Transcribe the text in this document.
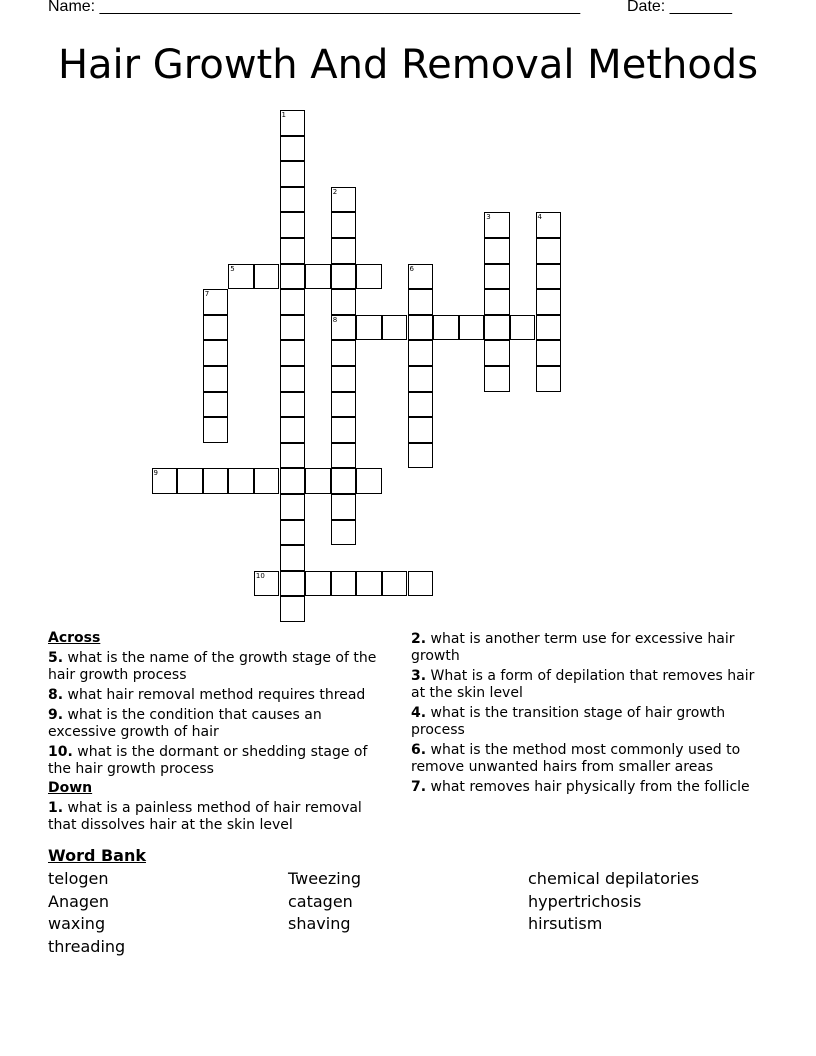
Name: ______________________________________________________	Date: _______
Hair Growth And Removal Methods
1
2
8
3	4
5	6
7
9
10
Across
5. what is the name of the growth stage of the hair growth process
8. what hair removal method requires thread
9. what is the condition that causes an excessive growth of hair
10. what is the dormant or shedding stage of the hair growth process
Down
1. what is a painless method of hair removal that dissolves hair at the skin level
2. what is another term use for excessive hair growth
3. What is a form of depilation that removes hair at the skin level
4. what is the transition stage of hair growth process
6. what is the method most commonly used to remove unwanted hairs from smaller areas
7. what removes hair physically from the follicle
Word Bank
telogen	Tweezing	chemical depilatories
Anagen	catagen	hypertrichosis
waxing	shaving	hirsutism
threading
